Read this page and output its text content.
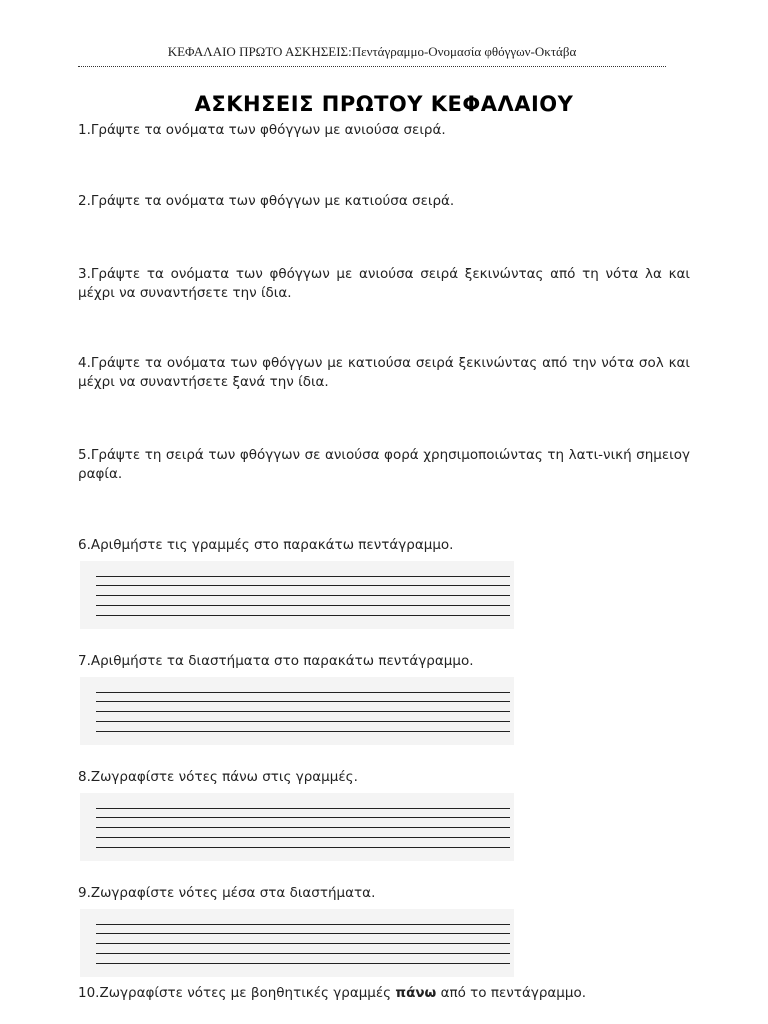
ΚΕΦΑΛΑΙΟ ΠΡΩΤΟ ΑΣΚΗΣΕΙΣ:Πεντάγραμμο-Ονομασία φθόγγων-Οκτάβα
ΑΣΚΗΣΕΙΣ ΠΡΩΤΟΥ ΚΕΦΑΛΑΙΟΥ
1.Γράψτε τα ονόματα των φθόγγων με ανιούσα σειρά.
2.Γράψτε τα ονόματα των φθόγγων με κατιούσα σειρά.
3.Γράψτε τα ονόματα των φθόγγων με ανιούσα σειρά ξεκινώντας από τη νότα λα και μέχρι να συναντήσετε την ίδια.
4.Γράψτε τα ονόματα των φθόγγων με κατιούσα σειρά ξεκινώντας από την νότα σολ και μέχρι να συναντήσετε ξανά την ίδια.
5.Γράψτε τη σειρά των φθόγγων σε ανιούσα φορά χρησιμοποιώντας τη λατι-νική σημειογραφία.
6.Αριθμήστε τις γραμμές στο παρακάτω πεντάγραμμο.
7.Αριθμήστε τα διαστήματα στο παρακάτω πεντάγραμμο.
8.Ζωγραφίστε νότες πάνω στις γραμμές.
9.Ζωγραφίστε νότες μέσα στα διαστήματα.
10.Ζωγραφίστε νότες με βοηθητικές γραμμές πάνω από το πεντάγραμμο.
